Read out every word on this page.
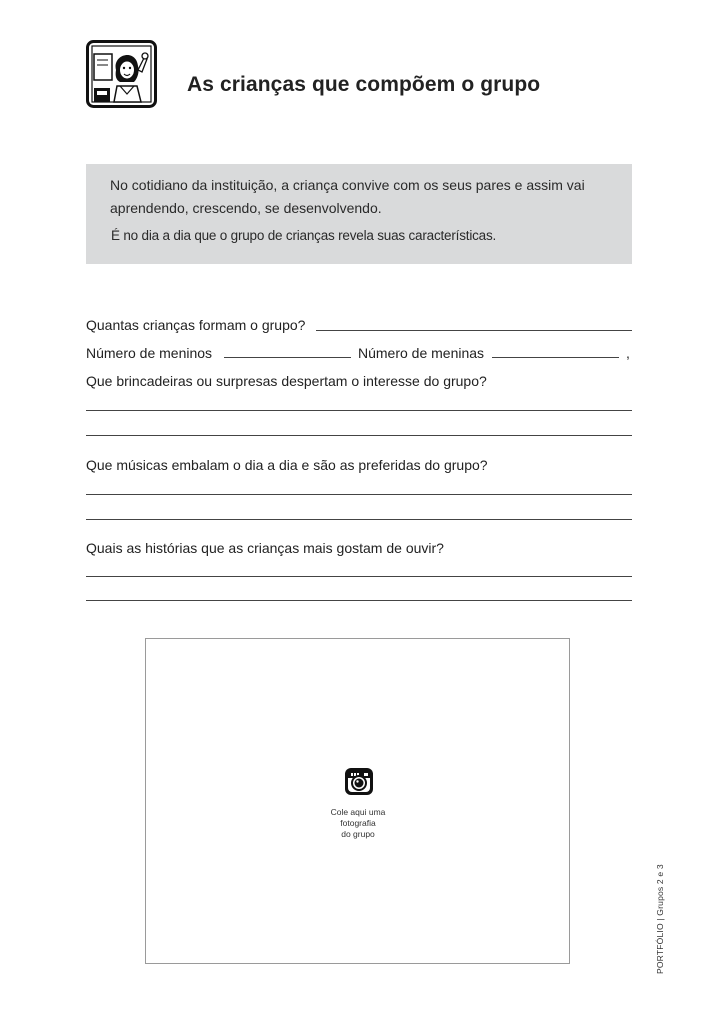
As crianças que compõem o grupo
No cotidiano da instituição, a criança convive com os seus pares e assim vai
aprendendo, crescendo, se desenvolvendo.
É no dia a dia que o grupo de crianças revela suas características.
Quantas crianças formam o grupo?
Número de meninos	Número de meninas	,
Que brincadeiras ou surpresas despertam o interesse do grupo?
Que músicas embalam o dia a dia e são as preferidas do grupo?
Quais as histórias que as crianças mais gostam de ouvir?
Cole aqui uma
fotografia
do grupo
PORTFÓLIO | Grupos 2 e 3
